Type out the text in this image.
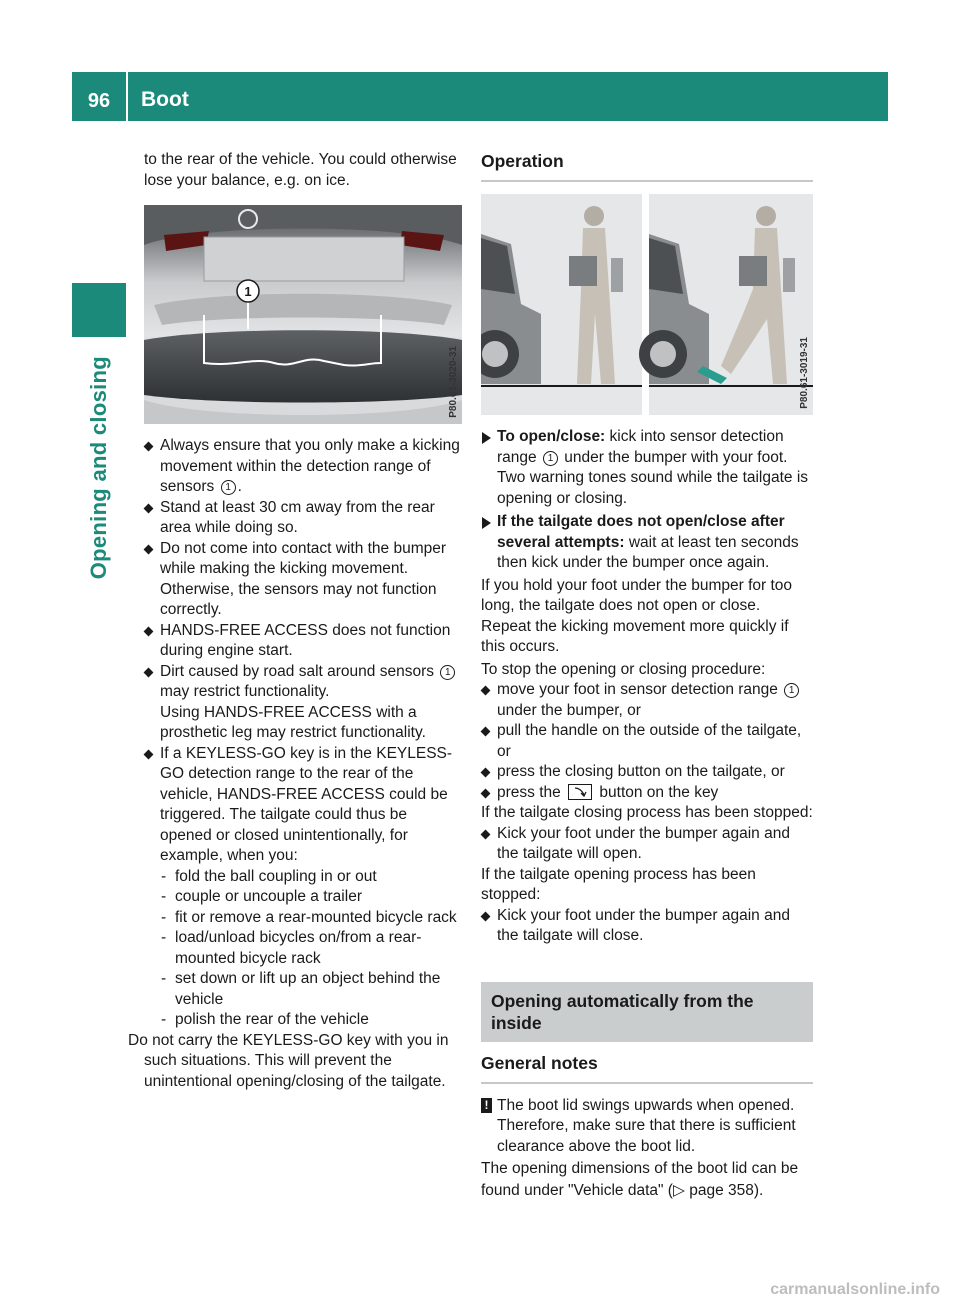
96	Boot
Opening and closing

to the rear of the vehicle. You could otherwise lose your balance, e.g. on ice.

1
P80.61-3020-31
Always ensure that you only make a kicking movement within the detection range of sensors 1 .
Stand at least 30 cm away from the rear area while doing so.
Do not come into contact with the bumper while making the kicking movement. Otherwise, the sensors may not function correctly.
HANDS-FREE ACCESS does not function during engine start.
Dirt caused by road salt around sensors 1 may restrict functionality.
Using HANDS-FREE ACCESS with a prosthetic leg may restrict functionality.
If a KEYLESS-GO key is in the KEYLESS-GO detection range to the rear of the vehicle, HANDS-FREE ACCESS could be triggered. The tailgate could thus be opened or closed unintentionally, for example, when you:
- fold the ball coupling in or out
- couple or uncouple a trailer
- fit or remove a rear-mounted bicycle rack
- load/unload bicycles on/from a rear-mounted bicycle rack
- set down or lift up an object behind the vehicle
- polish the rear of the vehicle

Do not carry the KEYLESS-GO key with you in such situations. This will prevent the unintentional opening/closing of the tailgate.

Operation
P80.61-3019-31

To open/close: kick into sensor detection range 1 under the bumper with your foot. Two warning tones sound while the tailgate is opening or closing.

If the tailgate does not open/close after several attempts: wait at least ten seconds then kick under the bumper once again.

If you hold your foot under the bumper for too long, the tailgate does not open or close. Repeat the kicking movement more quickly if this occurs.

To stop the opening or closing procedure:

move your foot in sensor detection range 1 under the bumper, or
pull the handle on the outside of the tailgate, or
press the closing button on the tailgate, or
press the button on the key

If the tailgate closing process has been stopped:

Kick your foot under the bumper again and the tailgate will open.

If the tailgate opening process has been stopped:

Kick your foot under the bumper again and the tailgate will close.
Opening automatically from the inside
General notes

! The boot lid swings upwards when opened. Therefore, make sure that there is sufficient clearance above the boot lid.

The opening dimensions of the boot lid can be found under "Vehicle data" (▷ page 358).

carmanualsonline.info
